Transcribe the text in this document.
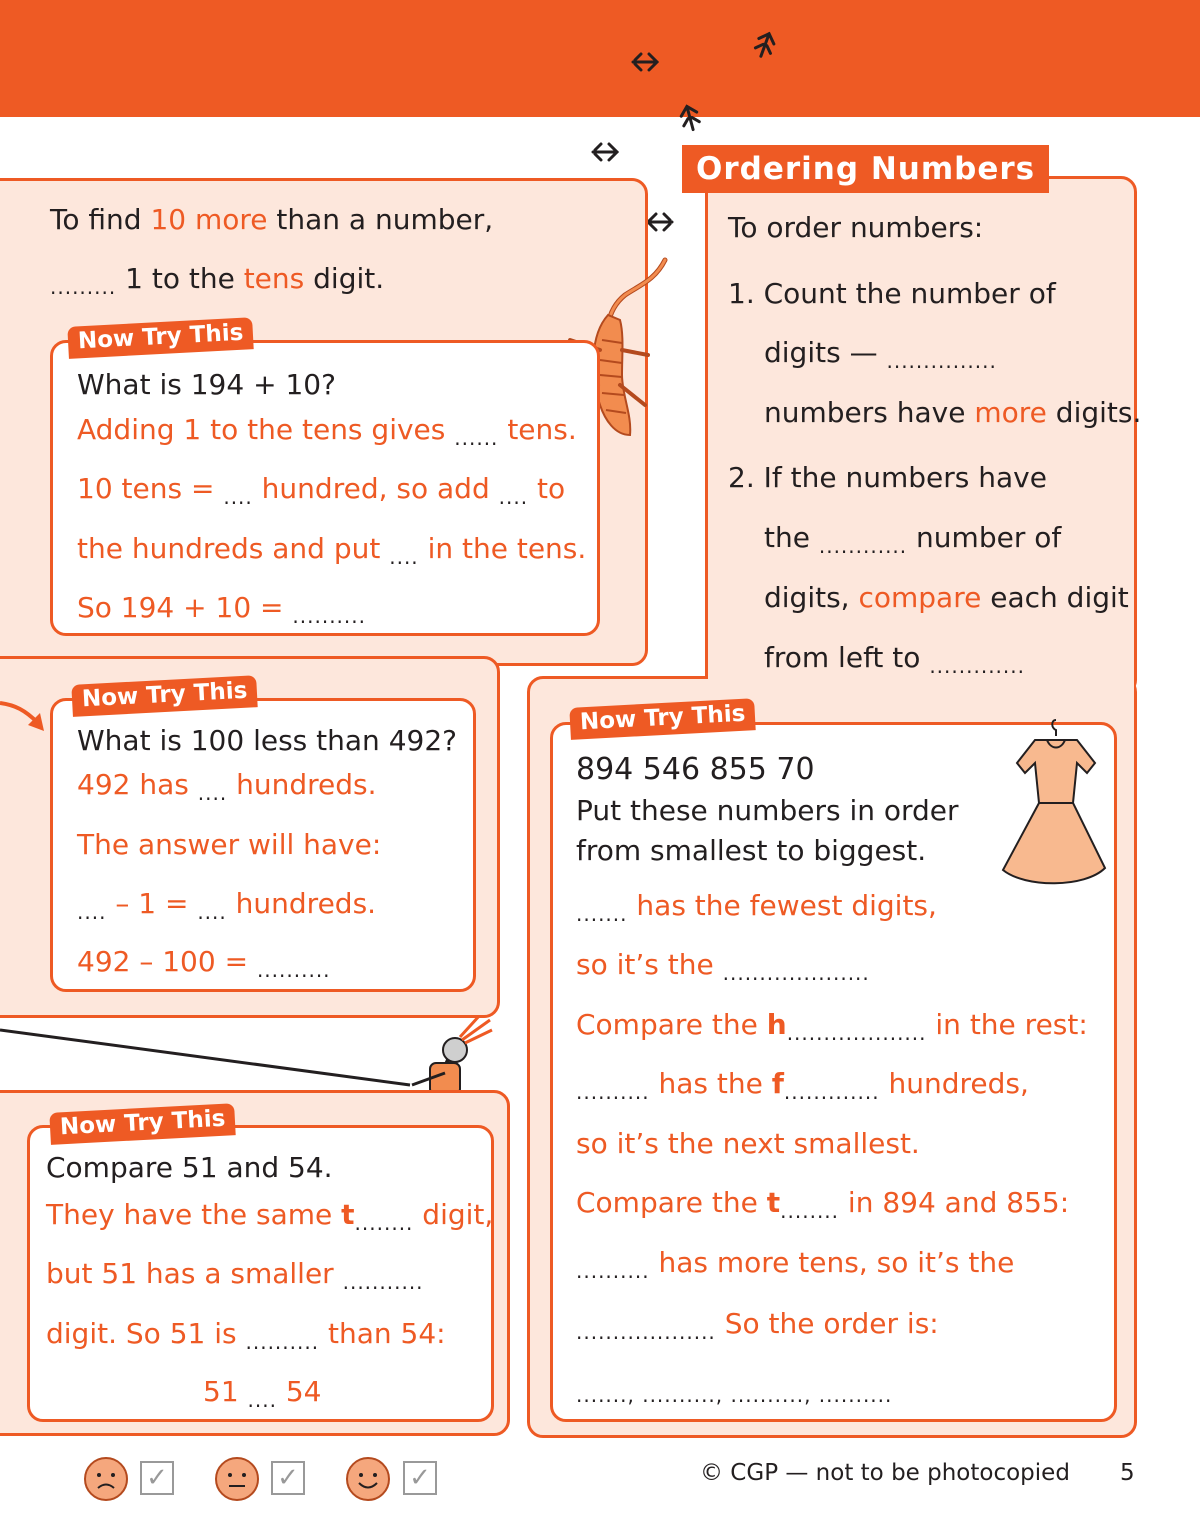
To find 10 more than a number,
$_{.........}$ 1 to the tens digit.
Now Try This
What is 194 + 10?
Adding 1 to the tens gives $_{......}$ tens.
10 tens = $_{....}$ hundred, so add $_{....}$ to
the hundreds and put $_{....}$ in the tens.
So 194 + 10 = $_{..........}$
Now Try This
What is 100 less than 492?
492 has $_{....}$ hundreds.
The answer will have:
$_{....}$ – 1 = $_{....}$ hundreds.
492 – 100 = $_{..........}$
Now Try This
Compare 51 and 54.
They have the same $t_{........}$ digit,
but 51 has a smaller $_{...........}$
digit. So 51 is $_{..........}$ than 54:
51 $_{....}$ 54
Ordering Numbers
To order numbers:
1. Count the number of
digits — $_{...............}$
numbers have more digits.
2. If the numbers have
the $_{............}$ number of
digits, compare each digit
from left to $_{.............}$
Now Try This
894 546 855 70
Put these numbers in order
from smallest to biggest.
$_{.......}$ has the fewest digits,
so it’s the $_{....................}$
Compare the $h_{...................}$ in the rest:
$_{..........}$ has the $f_{.............}$ hundreds,
so it’s the next smallest.
Compare the $t_{........}$ in 894 and 855:
$_{..........}$ has more tens, so it’s the
$_{...................}$ So the order is:
$_{......., .........., .........., ..........}$
✓	✓	✓	© CGP — not to be photocopied 5
